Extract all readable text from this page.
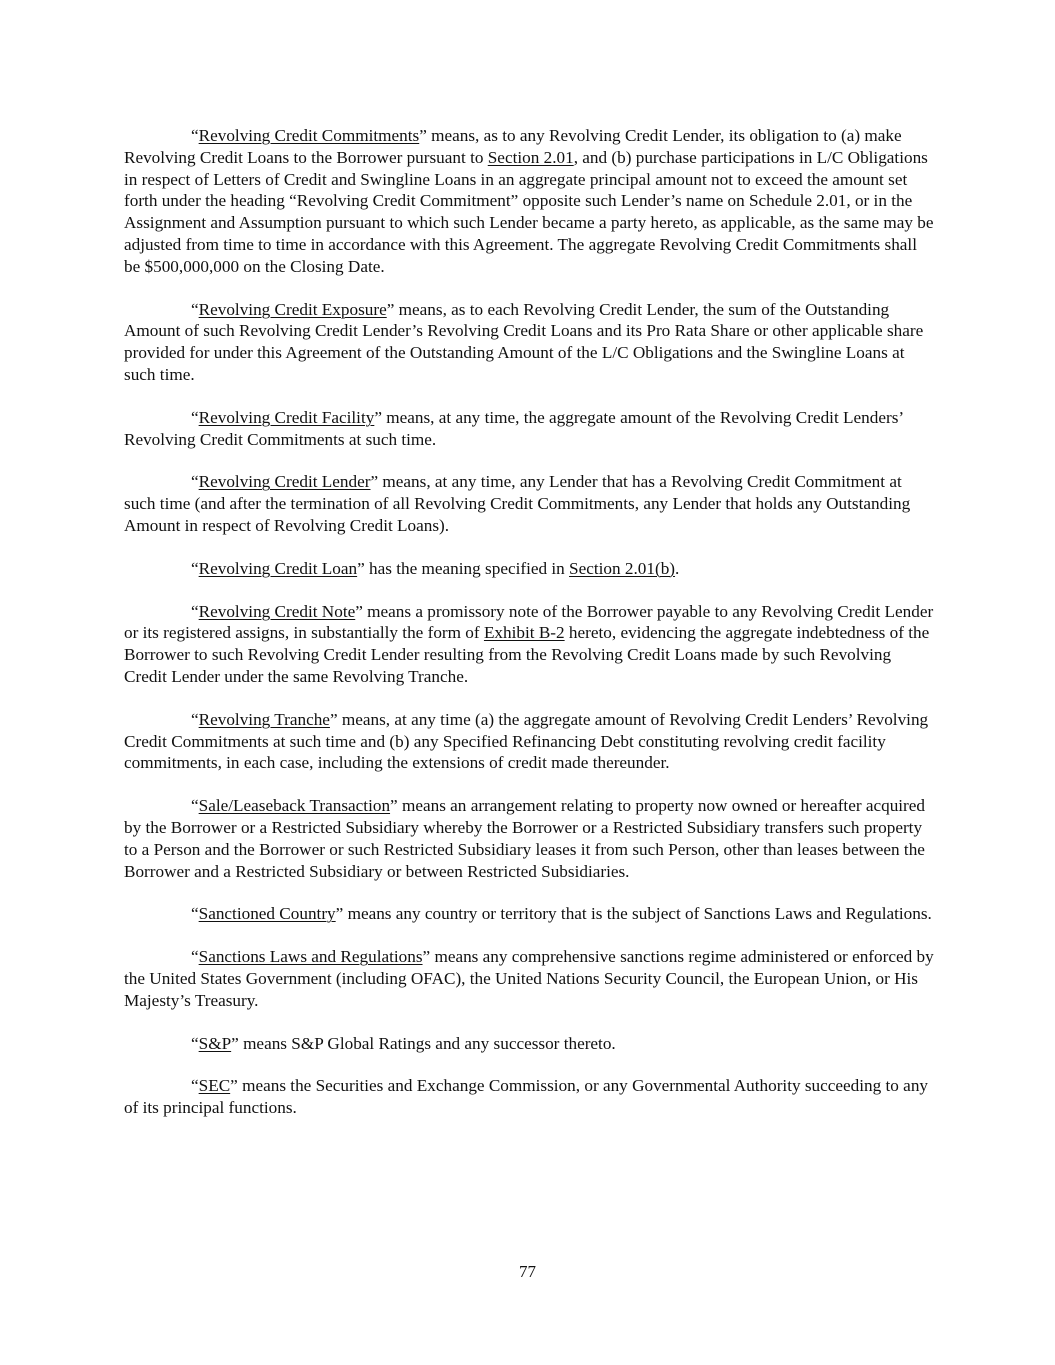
“Revolving Credit Commitments” means, as to any Revolving Credit Lender, its obligation to (a) make Revolving Credit Loans to the Borrower pursuant to Section 2.01, and (b) purchase participations in L/C Obligations in respect of Letters of Credit and Swingline Loans in an aggregate principal amount not to exceed the amount set forth under the heading “Revolving Credit Commitment” opposite such Lender’s name on Schedule 2.01, or in the Assignment and Assumption pursuant to which such Lender became a party hereto, as applicable, as the same may be adjusted from time to time in accordance with this Agreement. The aggregate Revolving Credit Commitments shall be $500,000,000 on the Closing Date.

“Revolving Credit Exposure” means, as to each Revolving Credit Lender, the sum of the Outstanding Amount of such Revolving Credit Lender’s Revolving Credit Loans and its Pro Rata Share or other applicable share provided for under this Agreement of the Outstanding Amount of the L/C Obligations and the Swingline Loans at such time.

“Revolving Credit Facility” means, at any time, the aggregate amount of the Revolving Credit Lenders’ Revolving Credit Commitments at such time.

“Revolving Credit Lender” means, at any time, any Lender that has a Revolving Credit Commitment at such time (and after the termination of all Revolving Credit Commitments, any Lender that holds any Outstanding Amount in respect of Revolving Credit Loans).

“Revolving Credit Loan” has the meaning specified in Section 2.01(b).

“Revolving Credit Note” means a promissory note of the Borrower payable to any Revolving Credit Lender or its registered assigns, in substantially the form of Exhibit B-2 hereto, evidencing the aggregate indebtedness of the Borrower to such Revolving Credit Lender resulting from the Revolving Credit Loans made by such Revolving Credit Lender under the same Revolving Tranche.

“Revolving Tranche” means, at any time (a) the aggregate amount of Revolving Credit Lenders’ Revolving Credit Commitments at such time and (b) any Specified Refinancing Debt constituting revolving credit facility commitments, in each case, including the extensions of credit made thereunder.

“Sale/Leaseback Transaction” means an arrangement relating to property now owned or hereafter acquired by the Borrower or a Restricted Subsidiary whereby the Borrower or a Restricted Subsidiary transfers such property to a Person and the Borrower or such Restricted Subsidiary leases it from such Person, other than leases between the Borrower and a Restricted Subsidiary or between Restricted Subsidiaries.

“Sanctioned Country” means any country or territory that is the subject of Sanctions Laws and Regulations.

“Sanctions Laws and Regulations” means any comprehensive sanctions regime administered or enforced by the United States Government (including OFAC), the United Nations Security Council, the European Union, or His Majesty’s Treasury.

“S&P” means S&P Global Ratings and any successor thereto.

“SEC” means the Securities and Exchange Commission, or any Governmental Authority succeeding to any of its principal functions.

77
